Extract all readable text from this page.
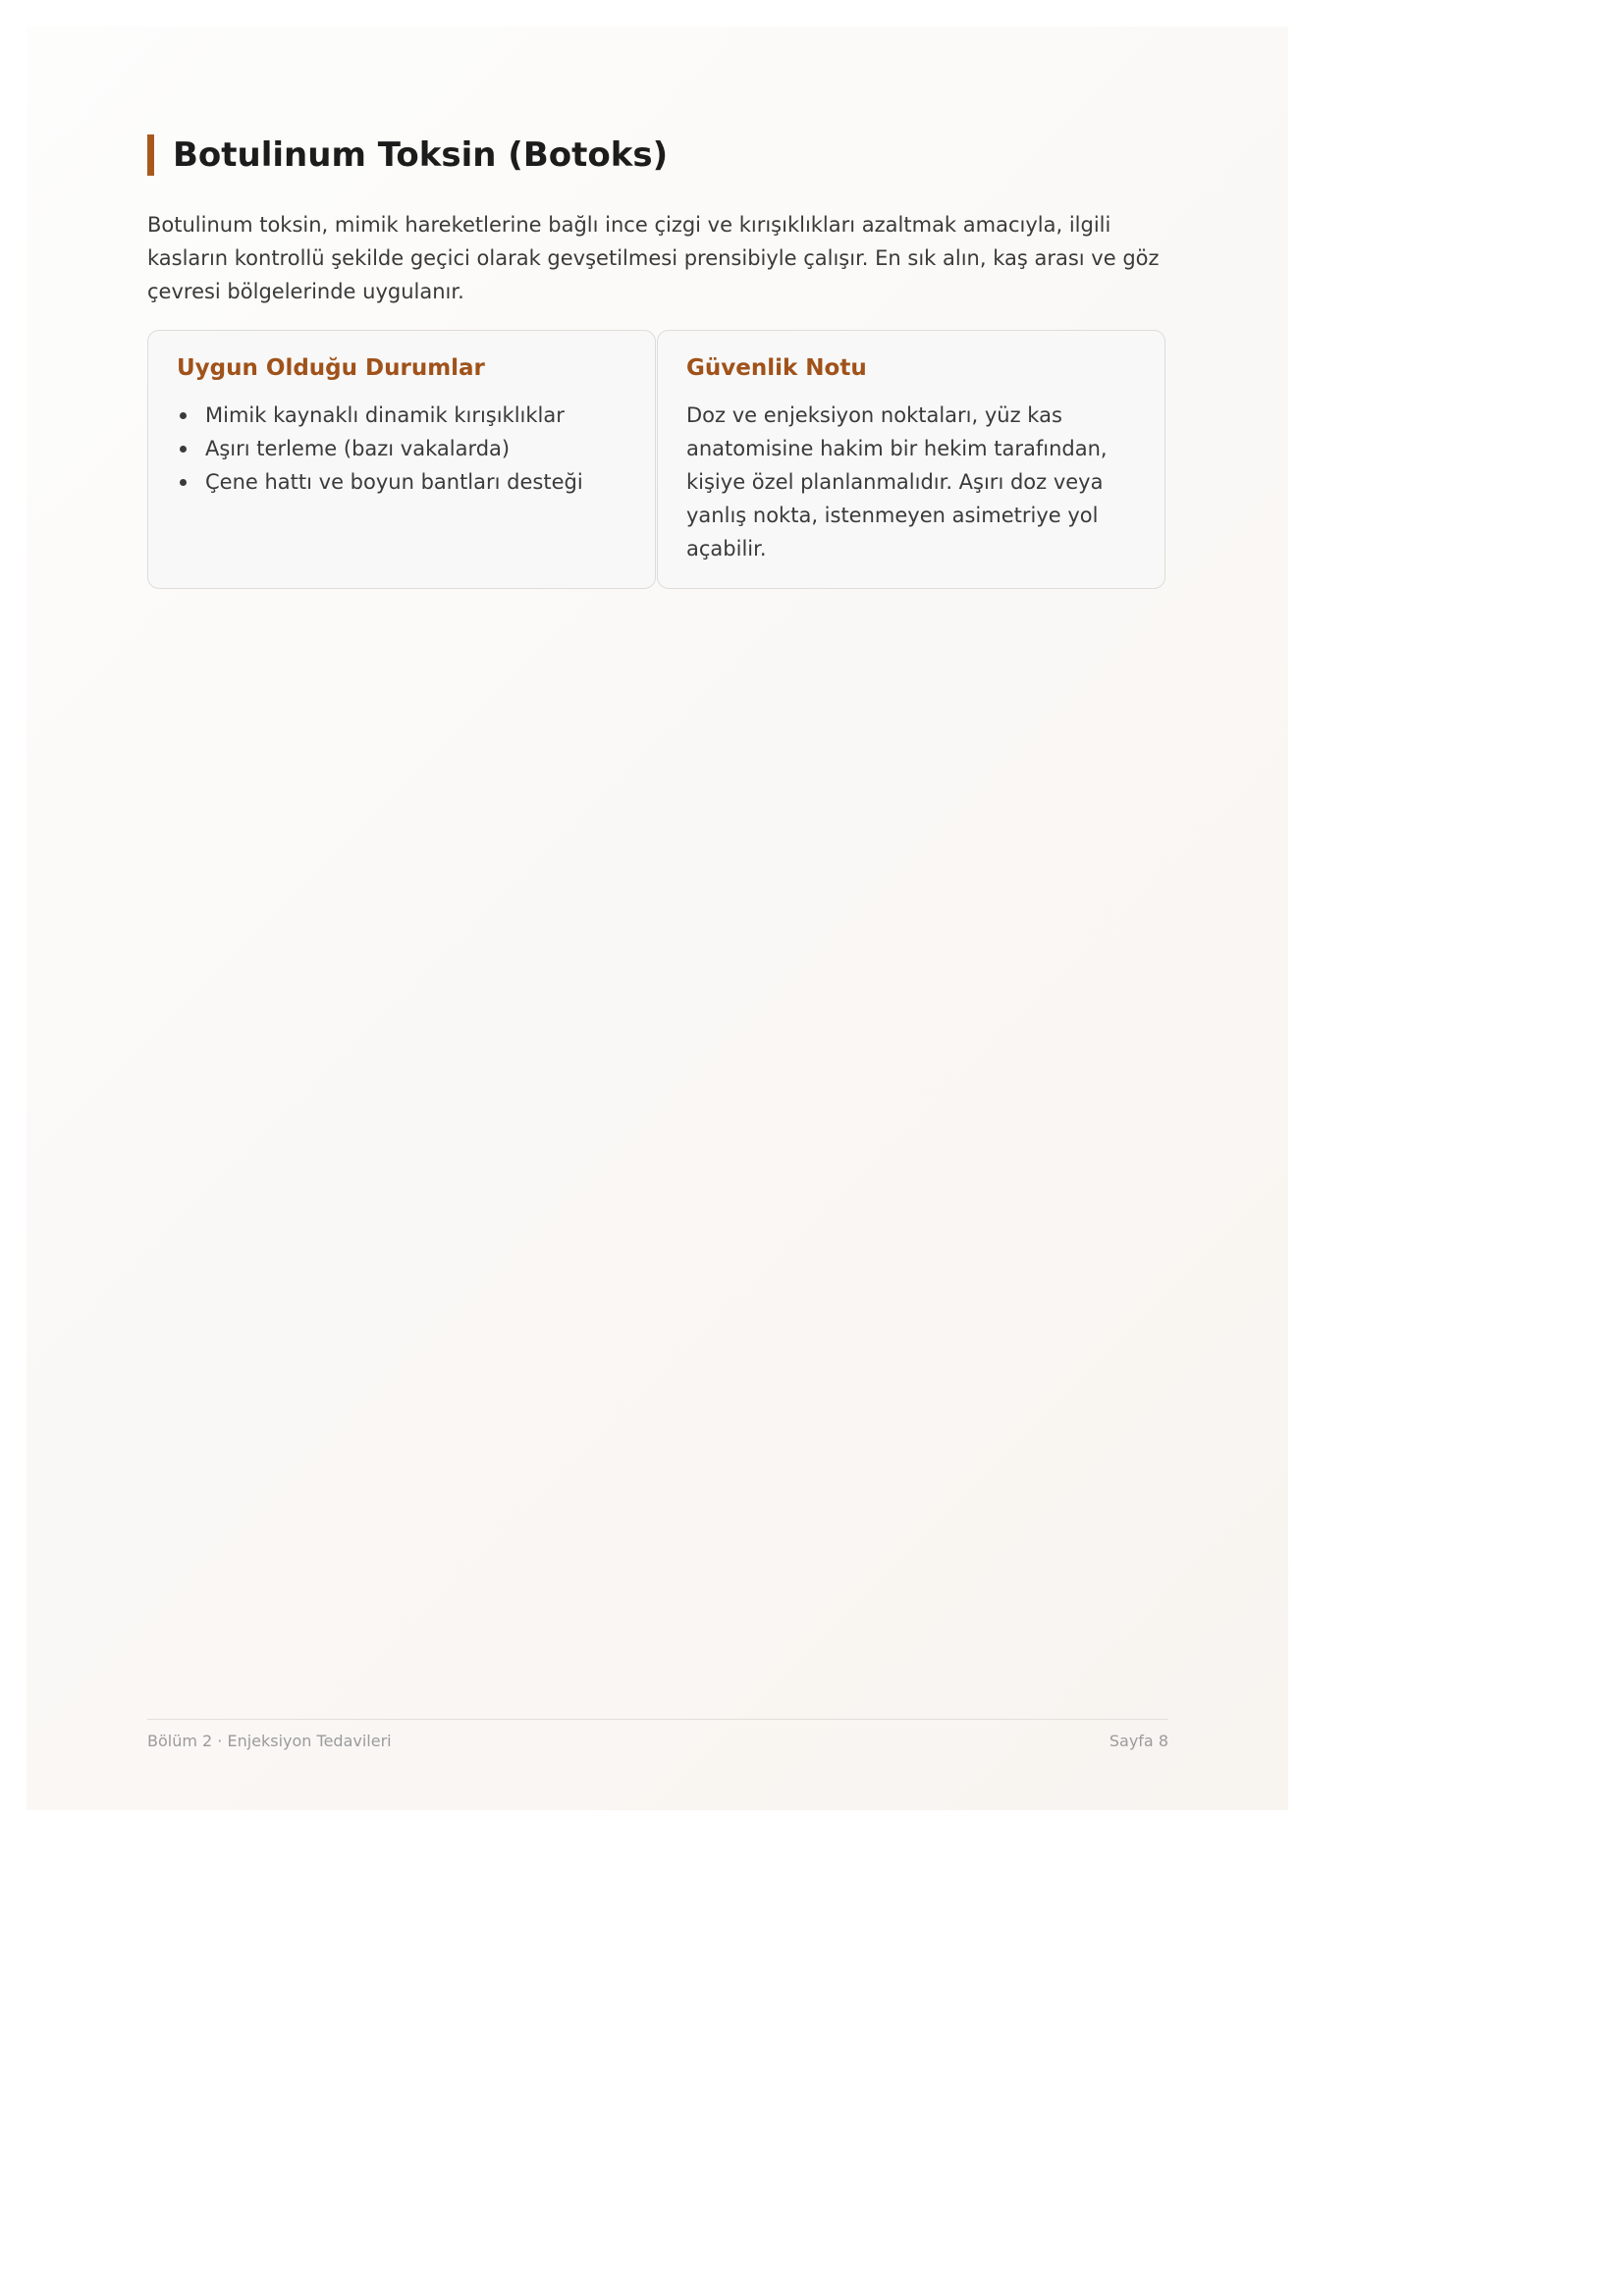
Botulinum Toksin (Botoks)

Botulinum toksin, mimik hareketlerine bağlı ince çizgi ve kırışıklıkları azaltmak amacıyla, ilgili kasların kontrollü şekilde geçici olarak gevşetilmesi prensibiyle çalışır. En sık alın, kaş arası ve göz çevresi bölgelerinde uygulanır.

Uygun Olduğu Durumlar
Mimik kaynaklı dinamik kırışıklıklar
Aşırı terleme (bazı vakalarda)
Çene hattı ve boyun bantları desteği
Güvenlik Notu

Doz ve enjeksiyon noktaları, yüz kas anatomisine hakim bir hekim tarafından, kişiye özel planlanmalıdır. Aşırı doz veya yanlış nokta, istenmeyen asimetriye yol açabilir.

Bölüm 2 · Enjeksiyon Tedavileri	Sayfa 8
